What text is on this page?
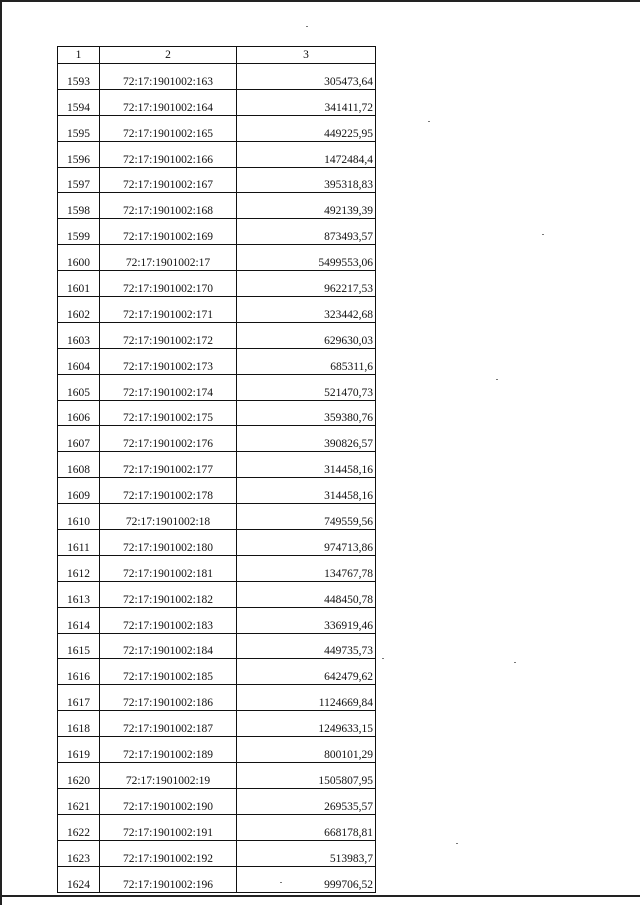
1	2	3
1593	72:17:1901002:163	305473,64
1594	72:17:1901002:164	341411,72
1595	72:17:1901002:165	449225,95
1596	72:17:1901002:166	1472484,4
1597	72:17:1901002:167	395318,83
1598	72:17:1901002:168	492139,39
1599	72:17:1901002:169	873493,57
1600	72:17:1901002:17	5499553,06
1601	72:17:1901002:170	962217,53
1602	72:17:1901002:171	323442,68
1603	72:17:1901002:172	629630,03
1604	72:17:1901002:173	685311,6
1605	72:17:1901002:174	521470,73
1606	72:17:1901002:175	359380,76
1607	72:17:1901002:176	390826,57
1608	72:17:1901002:177	314458,16
1609	72:17:1901002:178	314458,16
1610	72:17:1901002:18	749559,56
1611	72:17:1901002:180	974713,86
1612	72:17:1901002:181	134767,78
1613	72:17:1901002:182	448450,78
1614	72:17:1901002:183	336919,46
1615	72:17:1901002:184	449735,73
1616	72:17:1901002:185	642479,62
1617	72:17:1901002:186	1124669,84
1618	72:17:1901002:187	1249633,15
1619	72:17:1901002:189	800101,29
1620	72:17:1901002:19	1505807,95
1621	72:17:1901002:190	269535,57
1622	72:17:1901002:191	668178,81
1623	72:17:1901002:192	513983,7
1624	72:17:1901002:196	999706,52
